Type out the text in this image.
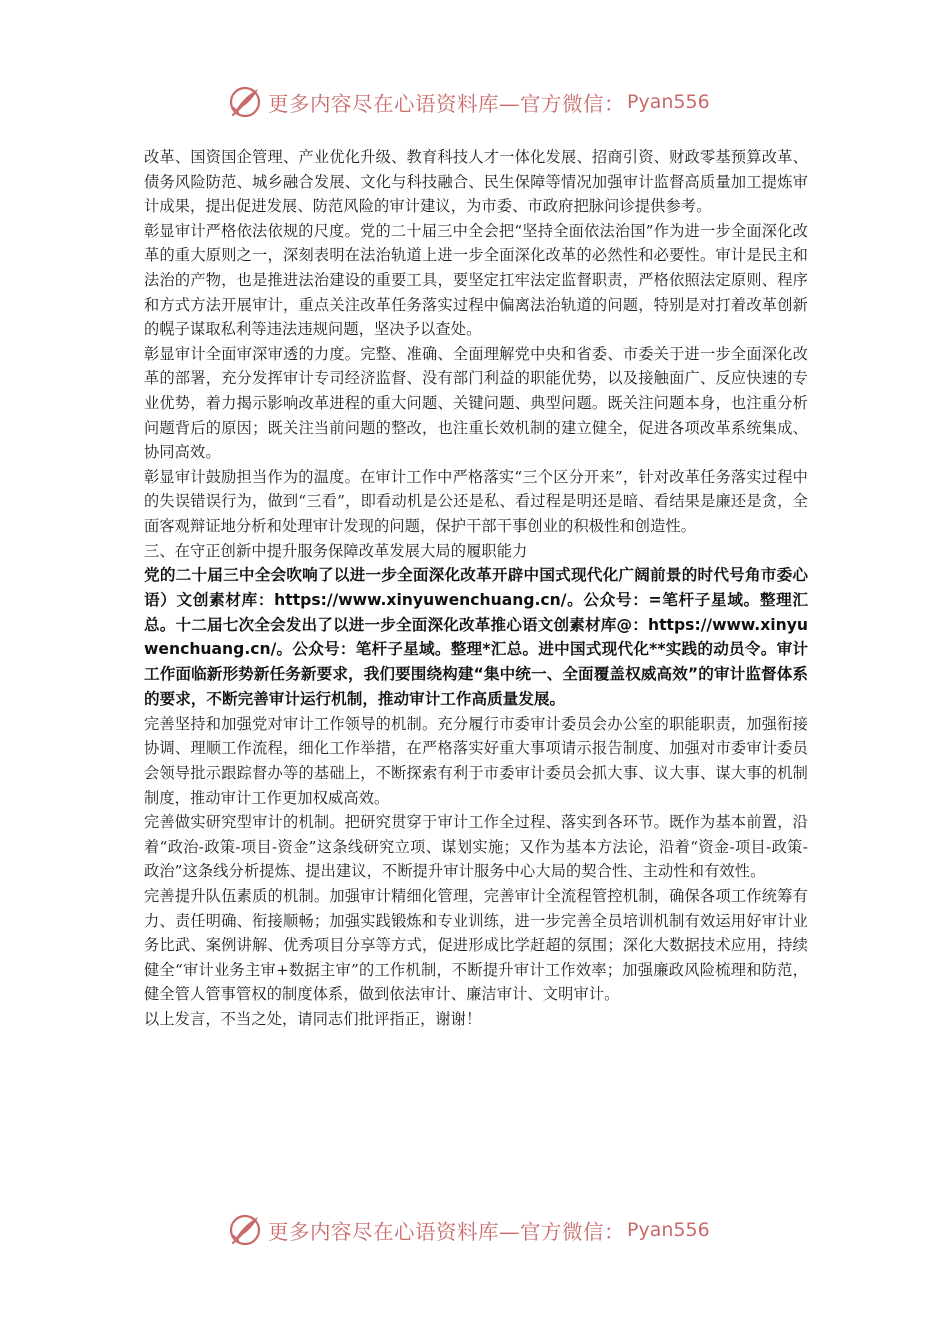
更多内容尽在心语资料库—官方微信： Pyan556

改革、国资国企管理、产业优化升级、教育科技人才一体化发展、招商引资、财政零基预算改革、债务风险防范、城乡融合发展、文化与科技融合、民生保障等情况加强审计监督高质量加工提炼审计成果，提出促进发展、防范风险的审计建议，为市委、市政府把脉问诊提供参考。

彰显审计严格依法依规的尺度。党的二十届三中全会把“坚持全面依法治国”作为进一步全面深化改革的重大原则之一，深刻表明在法治轨道上进一步全面深化改革的必然性和必要性。审计是民主和法治的产物，也是推进法治建设的重要工具，要坚定扛牢法定监督职责，严格依照法定原则、程序和方式方法开展审计，重点关注改革任务落实过程中偏离法治轨道的问题，特别是对打着改革创新的幌子谋取私利等违法违规问题，坚决予以查处。

彰显审计全面审深审透的力度。完整、准确、全面理解党中央和省委、市委关于进一步全面深化改革的部署，充分发挥审计专司经济监督、没有部门利益的职能优势，以及接触面广、反应快速的专业优势，着力揭示影响改革进程的重大问题、关键问题、典型问题。既关注问题本身，也注重分析问题背后的原因；既关注当前问题的整改，也注重长效机制的建立健全，促进各项改革系统集成、协同高效。

彰显审计鼓励担当作为的温度。在审计工作中严格落实“三个区分开来”，针对改革任务落实过程中的失误错误行为，做到“三看”，即看动机是公还是私、看过程是明还是暗、看结果是廉还是贪，全面客观辩证地分析和处理审计发现的问题，保护干部干事创业的积极性和创造性。

三、在守正创新中提升服务保障改革发展大局的履职能力

党的二十届三中全会吹响了以进一步全面深化改革开辟中国式现代化广阔前景的时代号角市委心语）文创素材库：https://www.xinyuwenchuang.cn/。公众号：=笔杆子星域。整理汇总。十二届七次全会发出了以进一步全面深化改革推心语文创素材库@：https://www.xinyuwenchuang.cn/。公众号：笔杆子星域。整理*汇总。进中国式现代化**实践的动员令。审计工作面临新形势新任务新要求，我们要围绕构建“集中统一、全面覆盖权威高效”的审计监督体系的要求，不断完善审计运行机制，推动审计工作高质量发展。

完善坚持和加强党对审计工作领导的机制。充分履行市委审计委员会办公室的职能职责，加强衔接协调、理顺工作流程，细化工作举措，在严格落实好重大事项请示报告制度、加强对市委审计委员会领导批示跟踪督办等的基础上，不断探索有利于市委审计委员会抓大事、议大事、谋大事的机制制度，推动审计工作更加权威高效。

完善做实研究型审计的机制。把研究贯穿于审计工作全过程、落实到各环节。既作为基本前置，沿着“政治-政策-项目-资金”这条线研究立项、谋划实施；又作为基本方法论，沿着“资金-项目-政策-政治”这条线分析提炼、提出建议，不断提升审计服务中心大局的契合性、主动性和有效性。

完善提升队伍素质的机制。加强审计精细化管理，完善审计全流程管控机制，确保各项工作统筹有力、责任明确、衔接顺畅；加强实践锻炼和专业训练，进一步完善全员培训机制有效运用好审计业务比武、案例讲解、优秀项目分享等方式，促进形成比学赶超的氛围；深化大数据技术应用，持续健全“审计业务主审+数据主审”的工作机制，不断提升审计工作效率；加强廉政风险梳理和防范，健全管人管事管权的制度体系，做到依法审计、廉洁审计、文明审计。

以上发言，不当之处，请同志们批评指正，谢谢！

更多内容尽在心语资料库—官方微信： Pyan556
